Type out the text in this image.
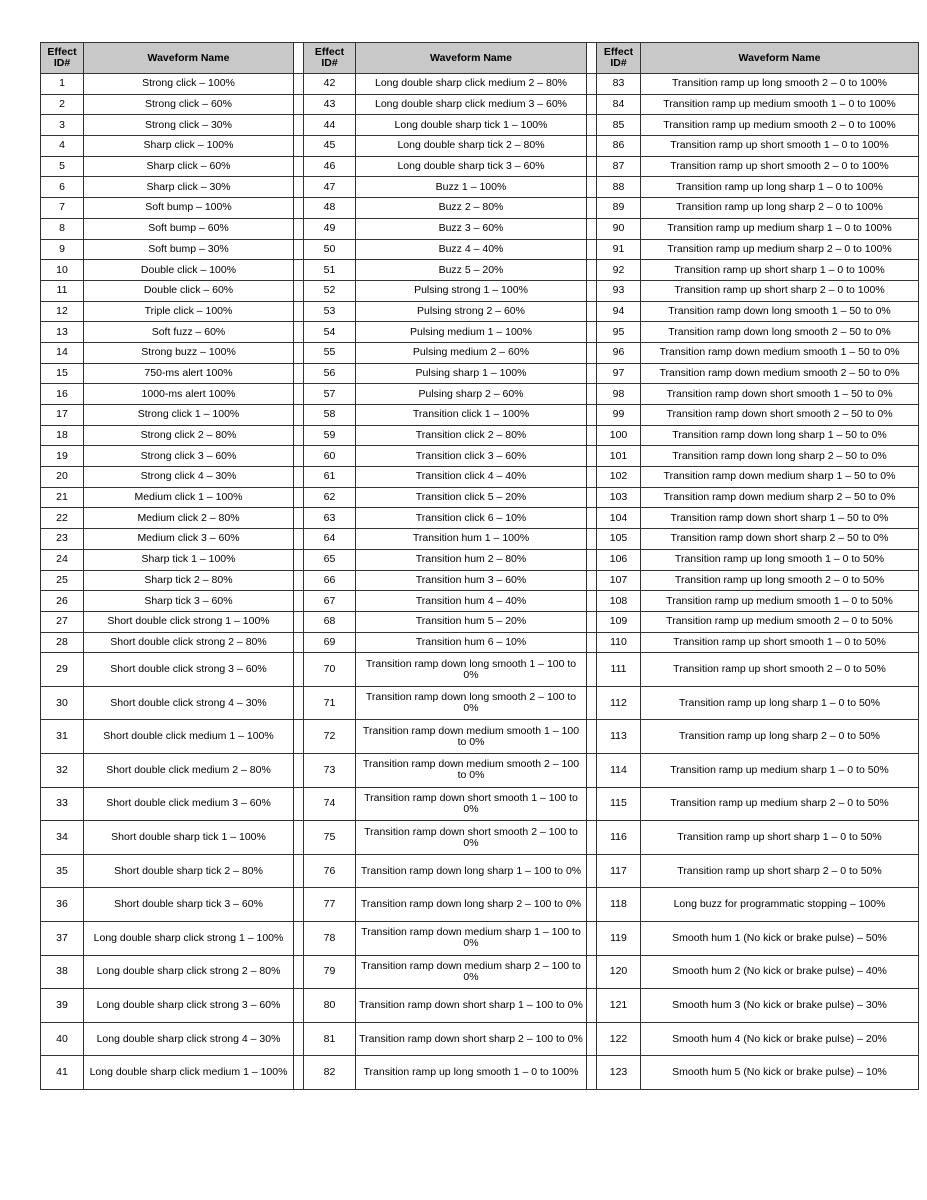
Effect ID#	Waveform Name		Effect ID#	Waveform Name		Effect ID#	Waveform Name
1	Strong click – 100%		42	Long double sharp click medium 2 – 80%		83	Transition ramp up long smooth 2 – 0 to 100%
2	Strong click – 60%		43	Long double sharp click medium 3 – 60%		84	Transition ramp up medium smooth 1 – 0 to 100%
3	Strong click – 30%		44	Long double sharp tick 1 – 100%		85	Transition ramp up medium smooth 2 – 0 to 100%
4	Sharp click – 100%		45	Long double sharp tick 2 – 80%		86	Transition ramp up short smooth 1 – 0 to 100%
5	Sharp click – 60%		46	Long double sharp tick 3 – 60%		87	Transition ramp up short smooth 2 – 0 to 100%
6	Sharp click – 30%		47	Buzz 1 – 100%		88	Transition ramp up long sharp 1 – 0 to 100%
7	Soft bump – 100%		48	Buzz 2 – 80%		89	Transition ramp up long sharp 2 – 0 to 100%
8	Soft bump – 60%		49	Buzz 3 – 60%		90	Transition ramp up medium sharp 1 – 0 to 100%
9	Soft bump – 30%		50	Buzz 4 – 40%		91	Transition ramp up medium sharp 2 – 0 to 100%
10	Double click – 100%		51	Buzz 5 – 20%		92	Transition ramp up short sharp 1 – 0 to 100%
11	Double click – 60%		52	Pulsing strong 1 – 100%		93	Transition ramp up short sharp 2 – 0 to 100%
12	Triple click – 100%		53	Pulsing strong 2 – 60%		94	Transition ramp down long smooth 1 – 50 to 0%
13	Soft fuzz – 60%		54	Pulsing medium 1 – 100%		95	Transition ramp down long smooth 2 – 50 to 0%
14	Strong buzz – 100%		55	Pulsing medium 2 – 60%		96	Transition ramp down medium smooth 1 – 50 to 0%
15	750-ms alert 100%		56	Pulsing sharp 1 – 100%		97	Transition ramp down medium smooth 2 – 50 to 0%
16	1000-ms alert 100%		57	Pulsing sharp 2 – 60%		98	Transition ramp down short smooth 1 – 50 to 0%
17	Strong click 1 – 100%		58	Transition click 1 – 100%		99	Transition ramp down short smooth 2 – 50 to 0%
18	Strong click 2 – 80%		59	Transition click 2 – 80%		100	Transition ramp down long sharp 1 – 50 to 0%
19	Strong click 3 – 60%		60	Transition click 3 – 60%		101	Transition ramp down long sharp 2 – 50 to 0%
20	Strong click 4 – 30%		61	Transition click 4 – 40%		102	Transition ramp down medium sharp 1 – 50 to 0%
21	Medium click 1 – 100%		62	Transition click 5 – 20%		103	Transition ramp down medium sharp 2 – 50 to 0%
22	Medium click 2 – 80%		63	Transition click 6 – 10%		104	Transition ramp down short sharp 1 – 50 to 0%
23	Medium click 3 – 60%		64	Transition hum 1 – 100%		105	Transition ramp down short sharp 2 – 50 to 0%
24	Sharp tick 1 – 100%		65	Transition hum 2 – 80%		106	Transition ramp up long smooth 1 – 0 to 50%
25	Sharp tick 2 – 80%		66	Transition hum 3 – 60%		107	Transition ramp up long smooth 2 – 0 to 50%
26	Sharp tick 3 – 60%		67	Transition hum 4 – 40%		108	Transition ramp up medium smooth 1 – 0 to 50%
27	Short double click strong 1 – 100%		68	Transition hum 5 – 20%		109	Transition ramp up medium smooth 2 – 0 to 50%
28	Short double click strong 2 – 80%		69	Transition hum 6 – 10%		110	Transition ramp up short smooth 1 – 0 to 50%
29	Short double click strong 3 – 60%		70	Transition ramp down long smooth 1 – 100 to 0%		111	Transition ramp up short smooth 2 – 0 to 50%
30	Short double click strong 4 – 30%		71	Transition ramp down long smooth 2 – 100 to 0%		112	Transition ramp up long sharp 1 – 0 to 50%
31	Short double click medium 1 – 100%		72	Transition ramp down medium smooth 1 – 100 to 0%		113	Transition ramp up long sharp 2 – 0 to 50%
32	Short double click medium 2 – 80%		73	Transition ramp down medium smooth 2 – 100 to 0%		114	Transition ramp up medium sharp 1 – 0 to 50%
33	Short double click medium 3 – 60%		74	Transition ramp down short smooth 1 – 100 to 0%		115	Transition ramp up medium sharp 2 – 0 to 50%
34	Short double sharp tick 1 – 100%		75	Transition ramp down short smooth 2 – 100 to 0%		116	Transition ramp up short sharp 1 – 0 to 50%
35	Short double sharp tick 2 – 80%		76	Transition ramp down long sharp 1 – 100 to 0%		117	Transition ramp up short sharp 2 – 0 to 50%
36	Short double sharp tick 3 – 60%		77	Transition ramp down long sharp 2 – 100 to 0%		118	Long buzz for programmatic stopping – 100%
37	Long double sharp click strong 1 – 100%		78	Transition ramp down medium sharp 1 – 100 to 0%		119	Smooth hum 1 (No kick or brake pulse) – 50%
38	Long double sharp click strong 2 – 80%		79	Transition ramp down medium sharp 2 – 100 to 0%		120	Smooth hum 2 (No kick or brake pulse) – 40%
39	Long double sharp click strong 3 – 60%		80	Transition ramp down short sharp 1 – 100 to 0%		121	Smooth hum 3 (No kick or brake pulse) – 30%
40	Long double sharp click strong 4 – 30%		81	Transition ramp down short sharp 2 – 100 to 0%		122	Smooth hum 4 (No kick or brake pulse) – 20%
41	Long double sharp click medium 1 – 100%		82	Transition ramp up long smooth 1 – 0 to 100%		123	Smooth hum 5 (No kick or brake pulse) – 10%
